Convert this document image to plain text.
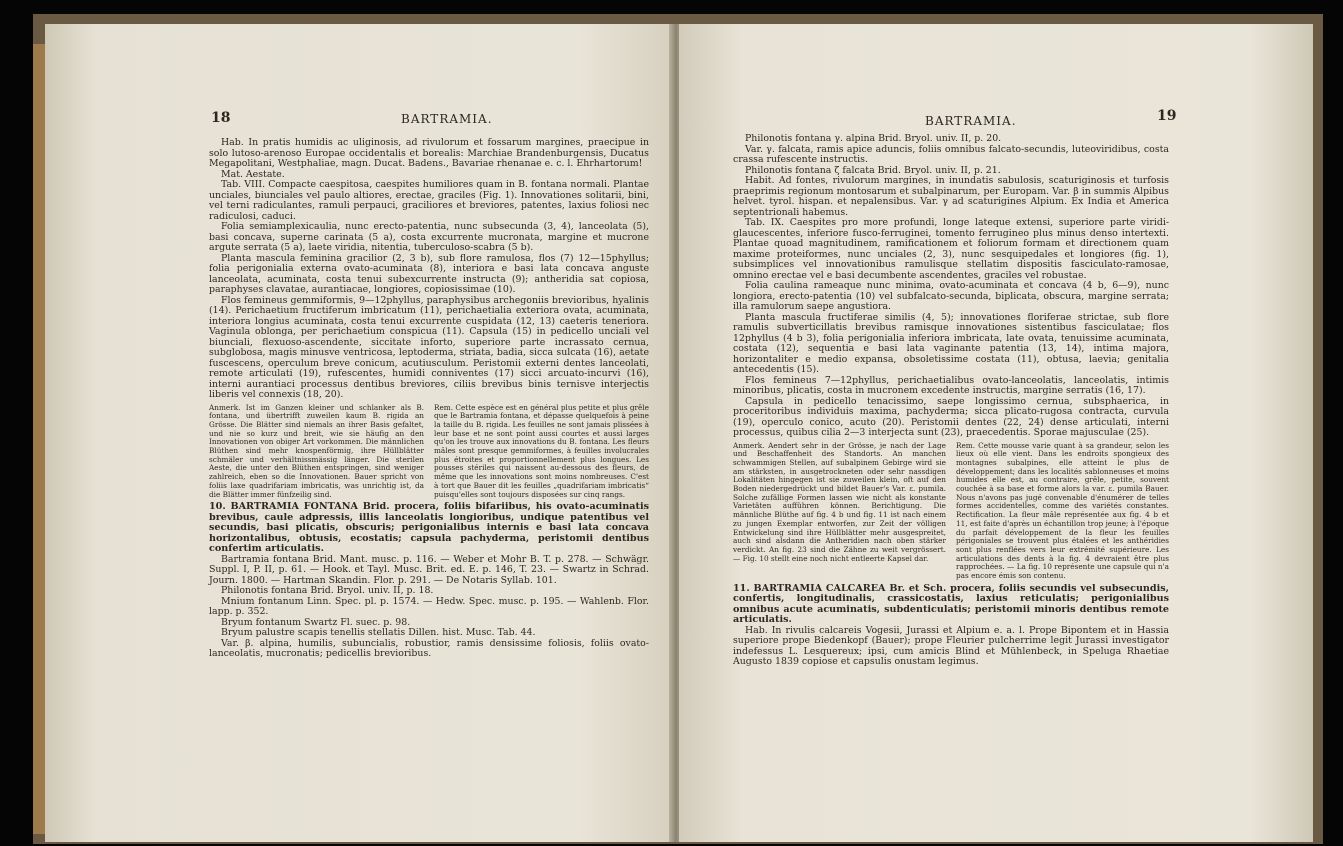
18	BARTRAMIA.

Hab. In pratis humidis ac uliginosis, ad rivulorum et fossarum margines, praecipue in solo lutoso-arenoso Europae occidentalis et borealis: Marchiae Brandenburgensis, Ducatus Megapolitani, Westphaliae, magn. Ducat. Badens., Bavariae rhenanae e. c. l. Ehrhartorum!

Mat. Aestate.

Tab. VIII. Compacte caespitosa, caespites humiliores quam in B. fontana normali. Plantae unciales, biunciales vel paulo altiores, erectae, graciles (Fig. 1). Innovationes solitarii, bini, vel terni radiculantes, ramuli perpauci, graciliores et breviores, patentes, laxius foliosi nec radiculosi, caduci.

Folia semiamplexicaulia, nunc erecto-patentia, nunc subsecunda (3, 4), lanceolata (5), basi concava, superne carinata (5 a), costa excurrente mucronata, margine et mucrone argute serrata (5 a), laete viridia, nitentia, tuberculoso-scabra (5 b).

Planta mascula feminina gracilior (2, 3 b), sub flore ramulosa, flos (7) 12—15phyllus; folia perigonialia externa ovato-acuminata (8), interiora e basi lata concava anguste lanceolata, acuminata, costa tenui subexcurrente instructa (9); antheridia sat copiosa, paraphyses clavatae, aurantiacae, longiores, copiosissimae (10).

Flos femineus gemmiformis, 9—12phyllus, paraphysibus archegoniis brevioribus, hyalinis (14). Perichaetium fructiferum imbricatum (11), perichaetialia exteriora ovata, acuminata, interiora longius acuminata, costa tenui excurrente cuspidata (12, 13) caeteris teneriora. Vaginula oblonga, per perichaetium conspicua (11). Capsula (15) in pedicello unciali vel biunciali, flexuoso-ascendente, siccitate inforto, superiore parte incrassato cernua, subglobosa, magis minusve ventricosa, leptoderma, striata, badia, sicca sulcata (16), aetate fuscescens, operculum breve conicum, acutiusculum. Peristomii externi dentes lanceolati, remote articulati (19), rufescentes, humidi conniventes (17) sicci arcuato-incurvi (16), interni aurantiaci processus dentibus breviores, ciliis brevibus binis ternisve interjectis liberis vel connexis (18, 20).

Anmerk. Ist im Ganzen kleiner und schlanker als B. fontana, und übertrifft zuweilen kaum B. rigida an Grösse. Die Blätter sind niemals an ihrer Basis gefaltet, und nie so kurz und breit, wie sie häufig an den Innovationen von obiger Art vorkommen. Die männlichen Blüthen sind mehr knospenförmig, ihre Hüllblätter schmäler und verhältnissmässig länger. Die sterilen Aeste, die unter den Blüthen entspringen, sind weniger zahlreich, eben so die Innovationen. Bauer spricht von foliis laxe quadrifariam imbricatis, was unrichtig ist, da die Blätter immer fünfzeilig sind.
Rem. Cette espèce est en général plus petite et plus grêle que le Bartramia fontana, et dépasse quelquefois à peine la taille du B. rigida. Les feuilles ne sont jamais plissées à leur base et ne sont point aussi courtes et aussi larges qu'on les trouve aux innovations du B. fontana. Les fleurs mâles sont presque gemmiformes, à feuilles involucrales plus étroites et proportionnellement plus longues. Les pousses stériles qui naissent au-dessous des fleurs, de même que les innovations sont moins nombreuses. C'est à tort que Bauer dit les feuilles „quadrifariam imbricatis“ puisqu'elles sont toujours disposées sur cinq rangs.

10. BARTRAMIA FONTANA Brid. procera, foliis bifariibus, his ovato-acuminatis brevibus, caule adpressis, illis lanceolatis longioribus, undique patentibus vel secundis, basi plicatis, obscuris; perigonialibus internis e basi lata concava horizontalibus, obtusis, ecostatis; capsula pachyderma, peristomii dentibus confertim articulatis.

Bartramia fontana Brid. Mant. musc. p. 116. — Weber et Mohr B. T. p. 278. — Schwägr. Suppl. I, P. II, p. 61. — Hook. et Tayl. Musc. Brit. ed. E. p. 146, T. 23. — Swartz in Schrad. Journ. 1800. — Hartman Skandin. Flor. p. 291. — De Notaris Syllab. 101.

Philonotis fontana Brid. Bryol. univ. II, p. 18.

Mnium fontanum Linn. Spec. pl. p. 1574. — Hedw. Spec. musc. p. 195. — Wahlenb. Flor. lapp. p. 352.

Bryum fontanum Swartz Fl. suec. p. 98.

Bryum palustre scapis tenellis stellatis Dillen. hist. Musc. Tab. 44.

Var. β. alpina, humilis, subuncialis, robustior, ramis densissime foliosis, foliis ovato-lanceolatis, mucronatis; pedicellis brevioribus.

19
BARTRAMIA.

Philonotis fontana γ. alpina Brid. Bryol. univ. II, p. 20.

Var. γ. falcata, ramis apice aduncis, foliis omnibus falcato-secundis, luteoviridibus, costa crassa rufescente instructis.

Philonotis fontana ζ falcata Brid. Bryol. univ. II, p. 21.

Habit. Ad fontes, rivulorum margines, in inundatis sabulosis, scaturiginosis et turfosis praeprimis regionum montosarum et subalpinarum, per Europam. Var. β in summis Alpibus helvet. tyrol. hispan. et nepalensibus. Var. γ ad scaturigines Alpium. Ex India et America septentrionali habemus.

Tab. IX. Caespites pro more profundi, longe lateque extensi, superiore parte viridi-glaucescentes, inferiore fusco-ferruginei, tomento ferrugineo plus minus denso intertexti. Plantae quoad magnitudinem, ramificationem et foliorum formam et directionem quam maxime proteiformes, nunc unciales (2, 3), nunc sesquipedales et longiores (fig. 1), subsimplices vel innovationibus ramulisque stellatim dispositis fasciculato-ramosae, omnino erectae vel e basi decumbente ascendentes, graciles vel robustae.

Folia caulina rameaque nunc minima, ovato-acuminata et concava (4 b, 6—9), nunc longiora, erecto-patentia (10) vel subfalcato-secunda, biplicata, obscura, margine serrata; illa ramulorum saepe angustiora.

Planta mascula fructiferae similis (4, 5); innovationes floriferae strictae, sub flore ramulis subverticillatis brevibus ramisque innovationes sistentibus fasciculatae; flos 12phyllus (4 b 3), folia perigonialia inferiora imbricata, late ovata, tenuissime acuminata, costata (12), sequentia e basi lata vaginante patentia (13, 14), intima majora, horizontaliter e medio expansa, obsoletissime costata (11), obtusa, laevia; genitalia antecedentis (15).

Flos femineus 7—12phyllus, perichaetialibus ovato-lanceolatis, lanceolatis, intimis minoribus, plicatis, costa in mucronem excedente instructis, margine serratis (16, 17).

Capsula in pedicello tenacissimo, saepe longissimo cernua, subsphaerica, in proceritoribus individuis maxima, pachyderma; sicca plicato-rugosa contracta, curvula (19), operculo conico, acuto (20). Peristomii dentes (22, 24) dense articulati, interni processus, quibus cilia 2—3 interjecta sunt (23), praecedentis. Sporae majusculae (25).

Anmerk. Aendert sehr in der Grösse, je nach der Lage und Beschaffenheit des Standorts. An manchen schwammigen Stellen, auf subalpinem Gebirge wird sie am stärksten, in ausgetrockneten oder sehr nassdigen Lokalitäten hingegen ist sie zuweilen klein, oft auf den Boden niedergedrückt und bildet Bauer's Var. ε. pumila. Solche zufällige Formen lassen wie nicht als konstante Varietäten aufführen können. Berichtigung. Die männliche Blüthe auf fig. 4 b und fig. 11 ist nach einem zu jungen Exemplar entworfen, zur Zeit der völligen Entwickelung sind ihre Hüllblätter mehr ausgespreitet, auch sind alsdann die Antheridien nach oben stärker verdickt. An fig. 23 sind die Zähne zu weit vergrössert. — Fig. 10 stellt eine noch nicht entleerte Kapsel dar.
Rem. Cette mousse varie quant à sa grandeur, selon les lieux où elle vient. Dans les endroits spongieux des montagnes subalpines, elle atteint le plus de développement; dans les localités sablonneuses et moins humides elle est, au contraire, grêle, petite, souvent couchée à sa base et forme alors la var. ε. pumila Bauer. Nous n'avons pas jugé convenable d'énumérer de telles formes accidentelles, comme des variétés constantes. Rectification. La fleur mâle représentée aux fig. 4 b et 11, est faite d'après un échantillon trop jeune; à l'époque du parfait développement de la fleur les feuilles périgoniales se trouvent plus étalées et les anthéridies sont plus renflées vers leur extrémité supérieure. Les articulations des dents à la fig. 4 devraient être plus rapprochées. — La fig. 10 représente une capsule qui n'a pas encore émis son contenu.

11. BARTRAMIA CALCAREA Br. et Sch. procera, foliis secundis vel subsecundis, confertis, longitudinalis, crassicostatis, laxius reticulatis; perigonialibus omnibus acute acuminatis, subdenticulatis; peristomii minoris dentibus remote articulatis.

Hab. In rivulis calcareis Vogesii, Jurassi et Alpium e. a. l. Prope Bipontem et in Hassia superiore prope Biedenkopf (Bauer); prope Fleurier pulcherrime legit Jurassi investigator indefessus L. Lesquereux; ipsi, cum amicis Blind et Mühlenbeck, in Speluga Rhaetiae Augusto 1839 copiose et capsulis onustam legimus.
